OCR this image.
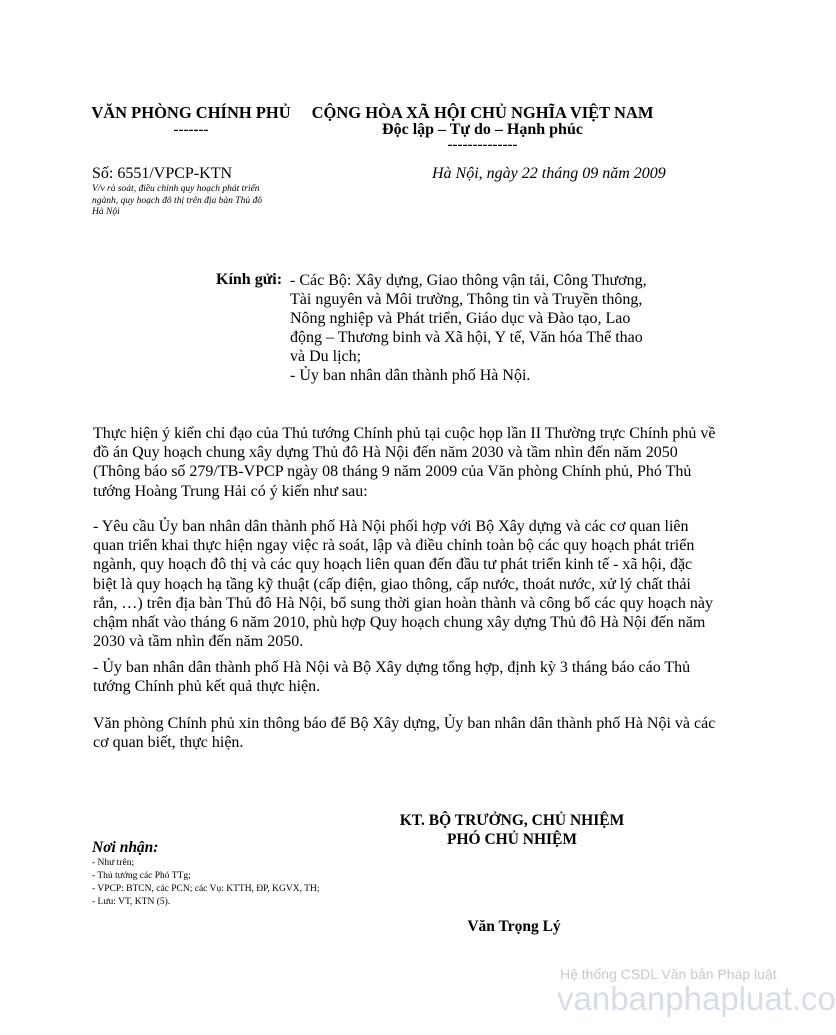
VĂN PHÒNG CHÍNH PHỦ
-------
CỘNG HÒA XÃ HỘI CHỦ NGHĨA VIỆT NAM
Độc lập – Tự do – Hạnh phúc
--------------
Số: 6551/VPCP-KTN
V/v rà soát, điều chỉnh quy hoạch phát triển
ngành, quy hoạch đô thị trên địa bàn Thủ đô
Hà Nội
Hà Nội, ngày 22 tháng 09 năm 2009
Kính gửi: - Các Bộ: Xây dựng, Giao thông vận tải, Công Thương,
Tài nguyên và Môi trường, Thông tin và Truyền thông,
Nông nghiệp và Phát triển, Giáo dục và Đào tạo, Lao
động – Thương binh và Xã hội, Y tế, Văn hóa Thể thao
và Du lịch;
- Ủy ban nhân dân thành phố Hà Nội.
Thực hiện ý kiến chỉ đạo của Thủ tướng Chính phủ tại cuộc họp lần II Thường trực Chính phủ về
đồ án Quy hoạch chung xây dựng Thủ đô Hà Nội đến năm 2030 và tầm nhìn đến năm 2050
(Thông báo số 279/TB-VPCP ngày 08 tháng 9 năm 2009 của Văn phòng Chính phủ, Phó Thủ
tướng Hoàng Trung Hải có ý kiến như sau:
- Yêu cầu Ủy ban nhân dân thành phố Hà Nội phối hợp với Bộ Xây dựng và các cơ quan liên
quan triển khai thực hiện ngay việc rà soát, lập và điều chỉnh toàn bộ các quy hoạch phát triển
ngành, quy hoạch đô thị và các quy hoạch liên quan đến đầu tư phát triển kinh tế - xã hội, đặc
biệt là quy hoạch hạ tầng kỹ thuật (cấp điện, giao thông, cấp nước, thoát nước, xử lý chất thải
rắn, …) trên địa bàn Thủ đô Hà Nội, bổ sung thời gian hoàn thành và công bố các quy hoạch này
chậm nhất vào tháng 6 năm 2010, phù hợp Quy hoạch chung xây dựng Thủ đô Hà Nội đến năm
2030 và tầm nhìn đến năm 2050.
- Ủy ban nhân dân thành phố Hà Nội và Bộ Xây dựng tổng hợp, định kỳ 3 tháng báo cáo Thủ
tướng Chính phủ kết quả thực hiện.
Văn phòng Chính phủ xin thông báo để Bộ Xây dựng, Ủy ban nhân dân thành phố Hà Nội và các
cơ quan biết, thực hiện.
KT. BỘ TRƯỞNG, CHỦ NHIỆM
PHÓ CHỦ NHIỆM
Văn Trọng Lý
Nơi nhận:
- Như trên;
- Thủ tướng các Phó TTg;
- VPCP: BTCN, các PCN; các Vụ: KTTH, ĐP, KGVX, TH;
- Lưu: VT, KTN (5).
Hệ thống CSDL Văn bản Pháp luật
vanbanphapluat.co
